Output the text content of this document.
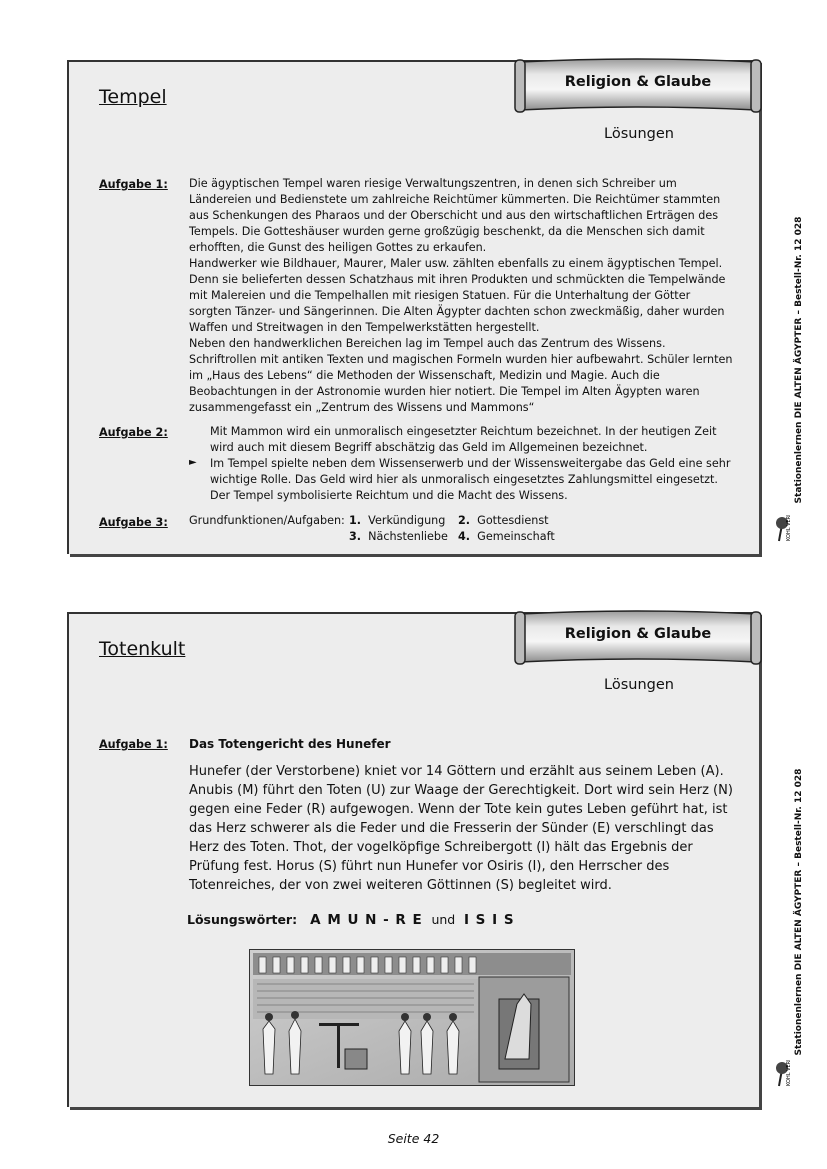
Religion & Glaube
Lösungen
Tempel
Aufgabe 1: Die ägyptischen Tempel waren riesige Verwaltungszentren, in denen sich Schreiber um Ländereien und Bedienstete um zahlreiche Reichtümer kümmerten. Die Reichtümer stammten aus Schenkungen des Pharaos und der Oberschicht und aus den wirtschaftlichen Erträgen des Tempels. Die Gotteshäuser wurden gerne großzügig beschenkt, da die Menschen sich damit erhofften, die Gunst des heiligen Gottes zu erkaufen.

Handwerker wie Bildhauer, Maurer, Maler usw. zählten ebenfalls zu einem ägyptischen Tempel. Denn sie belieferten dessen Schatzhaus mit ihren Produkten und schmückten die Tempelwände mit Malereien und die Tempelhallen mit riesigen Statuen. Für die Unterhaltung der Götter sorgten Tänzer- und Sängerinnen. Die Alten Ägypter dachten schon zweckmäßig, daher wurden Waffen und Streitwagen in den Tempelwerkstätten hergestellt.

Neben den handwerklichen Bereichen lag im Tempel auch das Zentrum des Wissens. Schriftrollen mit antiken Texten und magischen Formeln wurden hier aufbewahrt. Schüler lernten im „Haus des Lebens“ die Methoden der Wissenschaft, Medizin und Magie. Auch die Beobachtungen in der Astronomie wurden hier notiert. Die Tempel im Alten Ägypten waren zusammengefasst ein „Zentrum des Wissens und Mammons“

Aufgabe 2:	Mit Mammon wird ein unmoralisch eingesetzter Reichtum bezeichnet. In der heutigen Zeit wird auch mit diesem Begriff abschätzig das Geld im Allgemeinen bezeichnet.

Im Tempel spielte neben dem Wissenserwerb und der Wissensweitergabe das Geld eine sehr wichtige Rolle. Das Geld wird hier als unmoralisch eingesetztes Zahlungsmittel eingesetzt. Der Tempel symbolisierte Reichtum und die Macht des Wissens.

►
Aufgabe 3: Grundfunktionen/Aufgaben: 1. Verkündigung 2. Gottesdienst
3. Nächstenliebe 4. Gemeinschaft
Religion & Glaube
Lösungen
Totenkult
Aufgabe 1: Das Totengericht des Hunefer

Hunefer (der Verstorbene) kniet vor 14 Göttern und erzählt aus seinem Leben (A). Anubis (M) führt den Toten (U) zur Waage der Gerechtigkeit. Dort wird sein Herz (N) gegen eine Feder (R) aufgewogen. Wenn der Tote kein gutes Leben geführt hat, ist das Herz schwerer als die Feder und die Fresserin der Sünder (E) verschlingt das Herz des Toten. Thot, der vogelköpfige Schreibergott (I) hält das Ergebnis der Prüfung fest. Horus (S) führt nun Hunefer vor Osiris (I), den Herrscher des Totenreiches, der von zwei weiteren Göttinnen (S) begleitet wird.

Lösungswörter: A M U N - R E und I S I S
Stationenlernen DIE ALTEN ÄGYPTER – Bestell-Nr. 12 028
KOHL VERLAG
Stationenlernen DIE ALTEN ÄGYPTER – Bestell-Nr. 12 028
KOHL VERLAG
Seite 42
